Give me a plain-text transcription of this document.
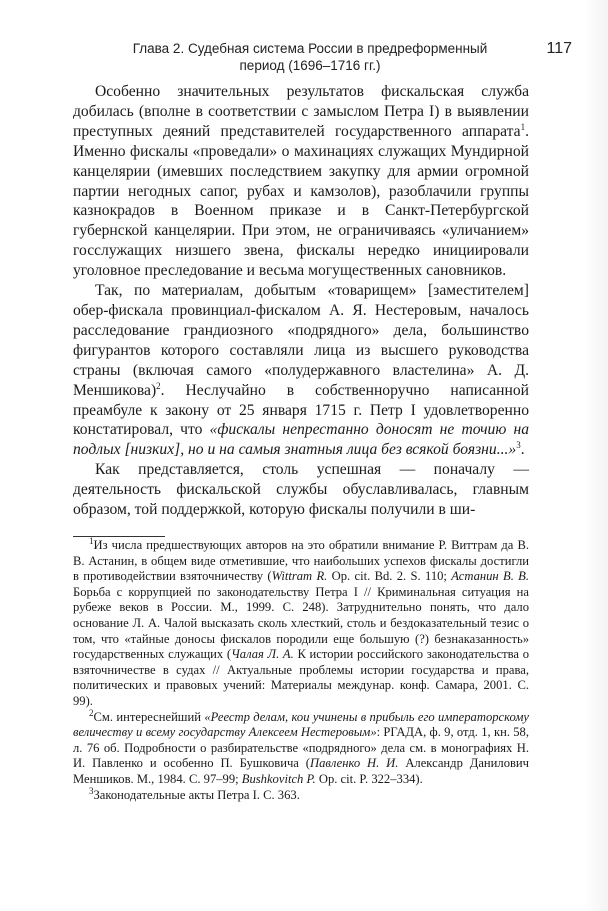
Глава 2. Судебная система России в предреформенный
период (1696–1716 гг.)
117

Особенно значительных результатов фискальская служба добилась (вполне в соответствии с замыслом Петра I) в выявлении преступных деяний представителей государственного аппарата$^1$. Именно фискалы «проведали» о махинациях служащих Мундирной канцелярии (имевших последствием закупку для армии огромной партии негодных сапог, рубах и камзолов), разоблачили группы казнокрадов в Военном приказе и в Санкт-Петербургской губернской канцелярии. При этом, не ограничиваясь «уличанием» госслужащих низшего звена, фискалы нередко инициировали уголовное преследование и весьма могущественных сановников.

Так, по материалам, добытым «товарищем» [заместителем] обер-фискала провинциал-фискалом А. Я. Нестеровым, началось расследование грандиозного «подрядного» дела, большинство фигурантов которого составляли лица из высшего руководства страны (включая самого «полудержавного властелина» А. Д. Меншикова)$^2$. Неслучайно в собственноручно написанной преамбуле к закону от 25 января 1715 г. Петр I удовлетворенно констатировал, что «фискалы непрестанно доносят не точию на подлых [низких], но и на самыя знатныя лица без всякой боязни...»$^3$.

Как представляется, столь успешная — поначалу — деятельность фискальской службы обуславливалась, главным образом, той поддержкой, которую фискалы получили в ши-

$^1$Из числа предшествующих авторов на это обратили внимание Р. Виттрам да В. В. Астанин, в общем виде отметившие, что наибольших успехов фискалы достигли в противодействии взяточничеству (Wittram R. Op. cit. Bd. 2. S. 110; Астанин В. В. Борьба с коррупцией по законодательству Петра I // Криминальная ситуация на рубеже веков в России. М., 1999. С. 248). Затруднительно понять, что дало основание Л. А. Чалой высказать сколь хлесткий, столь и бездоказательный тезис о том, что «тайные доносы фискалов породили еще большую (?) безнаказанность» государственных служащих (Чалая Л. А. К истории российского законодательства о взяточничестве в судах // Актуальные проблемы истории государства и права, политических и правовых учений: Материалы междунар. конф. Самара, 2001. С. 99).

$^2$См. интереснейший «Реестр делам, кои учинены в прибыль его императорскому величеству и всему государству Алексеем Нестеровым»: РГАДА, ф. 9, отд. 1, кн. 58, л. 76 об. Подробности о разбирательстве «подрядного» дела см. в монографиях Н. И. Павленко и особенно П. Бушковича (Павленко Н. И. Александр Данилович Меншиков. М., 1984. С. 97–99; Bushkovitch P. Op. cit. P. 322–334).

$^3$Законодательные акты Петра I. С. 363.
